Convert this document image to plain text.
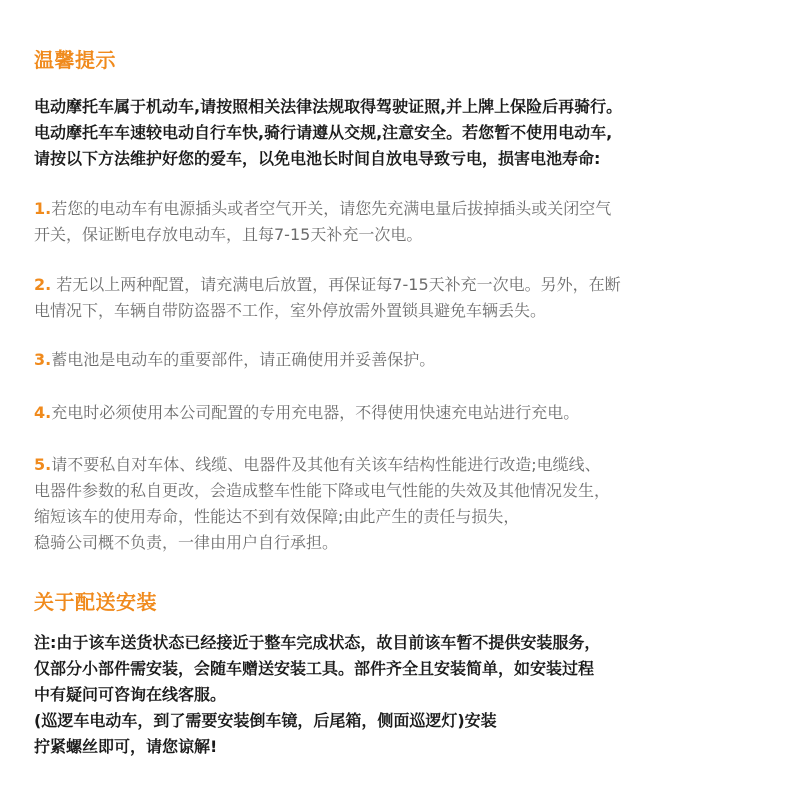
温馨提示
电动摩托车属于机动车,请按照相关法律法规取得驾驶证照,并上牌上保险后再骑行。
电动摩托车车速较电动自行车快,骑行请遵从交规,注意安全。若您暂不使用电动车,
请按以下方法维护好您的爱车，以免电池长时间自放电导致亏电，损害电池寿命:
1.若您的电动车有电源插头或者空气开关，请您先充满电量后拔掉插头或关闭空气
开关，保证断电存放电动车，且每7-15天补充一次电。
2. 若无以上两种配置，请充满电后放置，再保证每7-15天补充一次电。另外，在断
电情况下，车辆自带防盗器不工作，室外停放需外置锁具避免车辆丢失。
3.蓄电池是电动车的重要部件，请正确使用并妥善保护。
4.充电时必须使用本公司配置的专用充电器，不得使用快速充电站进行充电。
5.请不要私自对车体、线缆、电器件及其他有关该车结构性能进行改造;电缆线、
电器件参数的私自更改，会造成整车性能下降或电气性能的失效及其他情况发生，
缩短该车的使用寿命，性能达不到有效保障;由此产生的责任与损失，
稳骑公司概不负责，一律由用户自行承担。
关于配送安装
注:由于该车送货状态已经接近于整车完成状态，故目前该车暂不提供安装服务，
仅部分小部件需安装，会随车赠送安装工具。部件齐全且安装简单，如安装过程
中有疑问可咨询在线客服。
(巡逻车电动车，到了需要安装倒车镜，后尾箱，侧面巡逻灯)安装
拧紧螺丝即可，请您谅解!
